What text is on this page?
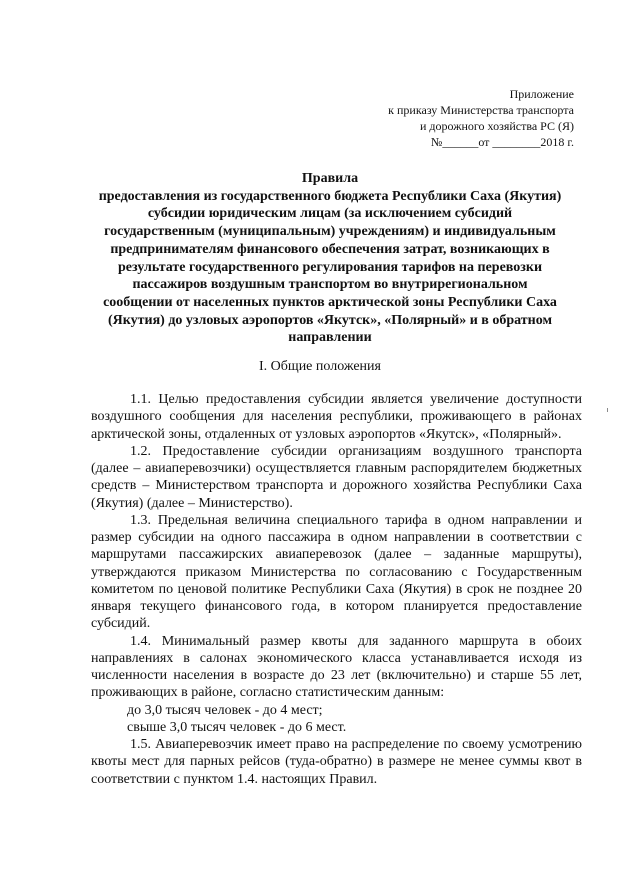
Приложение
к приказу Министерства транспорта
и дорожного хозяйства РС (Я)
№______от ________2018 г.
Правила
предоставления из государственного бюджета Республики Саха (Якутия)
субсидии юридическим лицам (за исключением субсидий
государственным (муниципальным) учреждениям) и индивидуальным
предпринимателям финансового обеспечения затрат, возникающих в
результате государственного регулирования тарифов на перевозки
пассажиров воздушным транспортом во внутрирегиональном
сообщении от населенных пунктов арктической зоны Республики Саха
(Якутия) до узловых аэропортов «Якутск», «Полярный» и в обратном
направлении
I. Общие положения

1.1. Целью предоставления субсидии является увеличение доступности воздушного сообщения для населения республики, проживающего в районах арктической зоны, отдаленных от узловых аэропортов «Якутск», «Полярный».

1.2. Предоставление субсидии организациям воздушного транспорта (далее – авиаперевозчики) осуществляется главным распорядителем бюджетных средств – Министерством транспорта и дорожного хозяйства Республики Саха (Якутия) (далее – Министерство).

1.3. Предельная величина специального тарифа в одном направлении и размер субсидии на одного пассажира в одном направлении в соответствии с маршрутами пассажирских авиаперевозок (далее – заданные маршруты), утверждаются приказом Министерства по согласованию с Государственным комитетом по ценовой политике Республики Саха (Якутия) в срок не позднее 20 января текущего финансового года, в котором планируется предоставление субсидий.

1.4. Минимальный размер квоты для заданного маршрута в обоих направлениях в салонах экономического класса устанавливается исходя из численности населения в возрасте до 23 лет (включительно) и старше 55 лет, проживающих в районе, согласно статистическим данным:

до 3,0 тысяч человек - до 4 мест;

свыше 3,0 тысяч человек - до 6 мест.

1.5. Авиаперевозчик имеет право на распределение по своему усмотрению квоты мест для парных рейсов (туда-обратно) в размере не менее суммы квот в соответствии с пунктом 1.4. настоящих Правил.
